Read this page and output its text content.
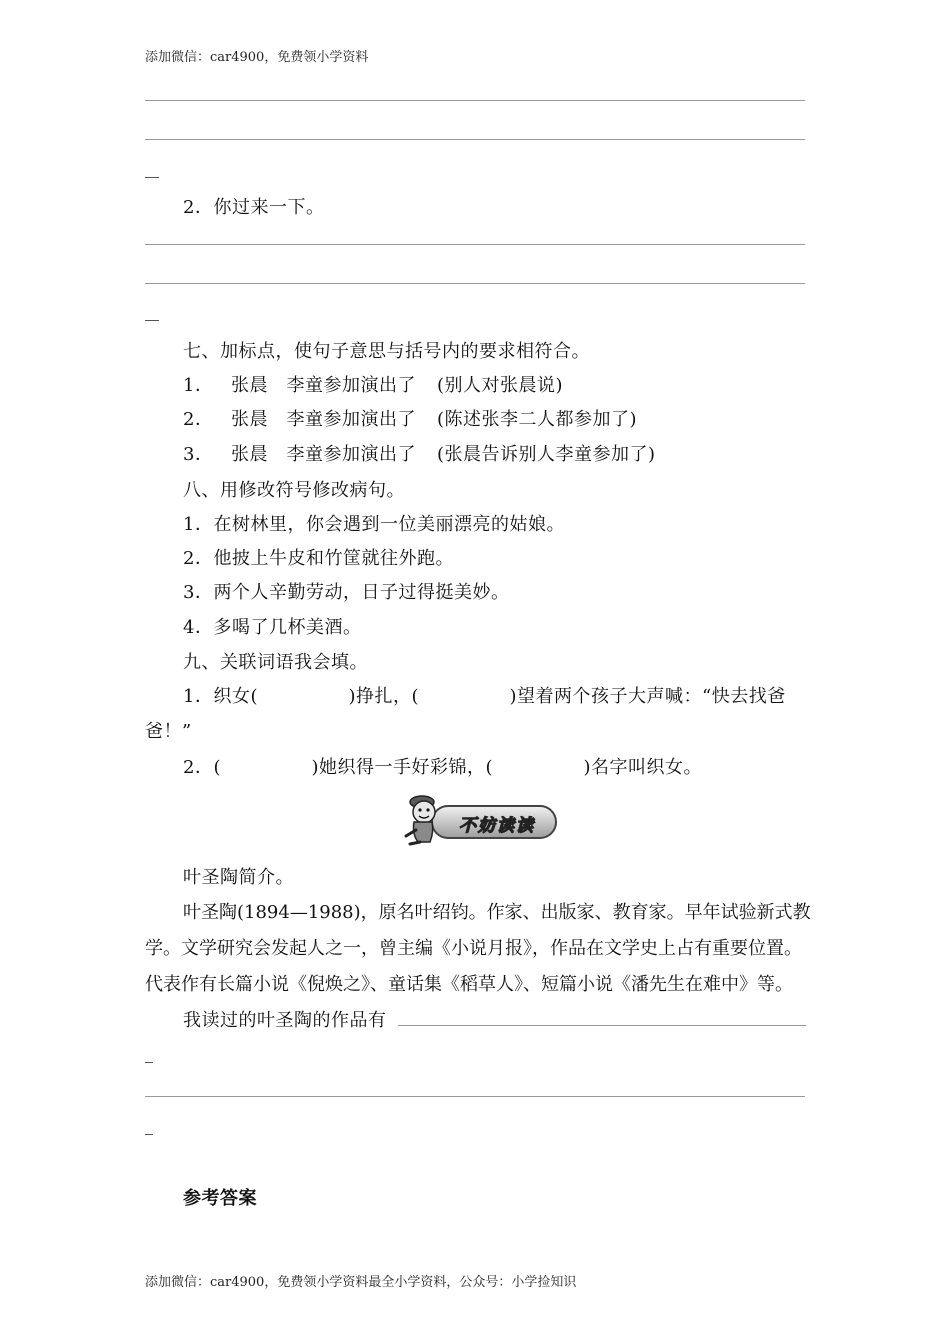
添加微信：car4900，免费领小学资料
2．你过来一下。
七、加标点，使句子意思与括号内的要求相符合。
1． 张晨　李童参加演出了 (别人对张晨说)
2． 张晨　李童参加演出了 (陈述张李二人都参加了)
3． 张晨　李童参加演出了 (张晨告诉别人李童参加了)
八、用修改符号修改病句。
1．在树林里，你会遇到一位美丽漂亮的姑娘。
2．他披上牛皮和竹筐就往外跑。
3．两个人辛勤劳动，日子过得挺美妙。
4．多喝了几杯美酒。
九、关联词语我会填。
1．织女(	)挣扎，(	)望着两个孩子大声喊：“快去找爸
爸！”
2．(	)她织得一手好彩锦，(	)名字叫织女。
不妨读读
叶圣陶简介。
叶圣陶(1894—1988)，原名叶绍钧。作家、出版家、教育家。早年试验新式教
学。文学研究会发起人之一，曾主编《小说月报》，作品在文学史上占有重要位置。
代表作有长篇小说《倪焕之》、童话集《稻草人》、短篇小说《潘先生在难中》等。
我读过的叶圣陶的作品有
参考答案
添加微信：car4900，免费领小学资料最全小学资料，公众号：小学捡知识
